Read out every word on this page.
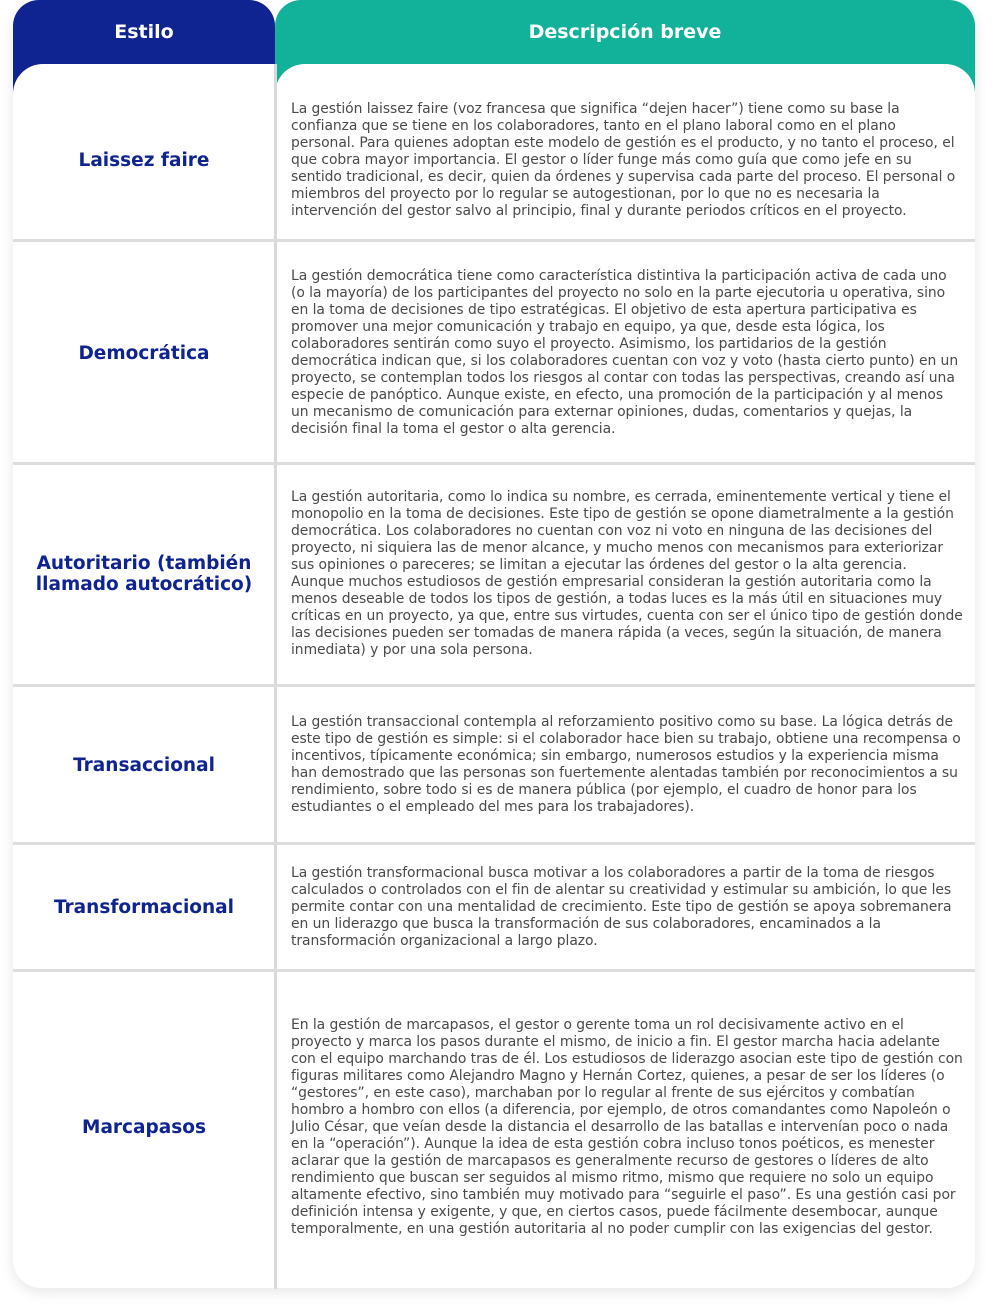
Estilo	Descripción breve
Laissez faire
La gestión laissez faire (voz francesa que significa “dejen hacer”) tiene como su base la confianza que se tiene en los colaboradores, tanto en el plano laboral como en el plano personal. Para quienes adoptan este modelo de gestión es el producto, y no tanto el proceso, el que cobra mayor importancia. El gestor o líder funge más como guía que como jefe en su sentido tradicional, es decir, quien da órdenes y supervisa cada parte del proceso. El personal o miembros del proyecto por lo regular se autogestionan, por lo que no es necesaria la intervención del gestor salvo al principio, final y durante periodos críticos en el proyecto.
Democrática
La gestión democrática tiene como característica distintiva la participación activa de cada uno (o la mayoría) de los participantes del proyecto no solo en la parte ejecutoria u operativa, sino en la toma de decisiones de tipo estratégicas. El objetivo de esta apertura participativa es promover una mejor comunicación y trabajo en equipo, ya que, desde esta lógica, los colaboradores sentirán como suyo el proyecto. Asimismo, los partidarios de la gestión democrática indican que, si los colaboradores cuentan con voz y voto (hasta cierto punto) en un proyecto, se contemplan todos los riesgos al contar con todas las perspectivas, creando así una especie de panóptico. Aunque existe, en efecto, una promoción de la participación y al menos un mecanismo de comunicación para externar opiniones, dudas, comentarios y quejas, la decisión final la toma el gestor o alta gerencia.
Autoritario (también llamado autocrático)
La gestión autoritaria, como lo indica su nombre, es cerrada, eminentemente vertical y tiene el monopolio en la toma de decisiones. Este tipo de gestión se opone diametralmente a la gestión democrática. Los colaboradores no cuentan con voz ni voto en ninguna de las decisiones del proyecto, ni siquiera las de menor alcance, y mucho menos con mecanismos para exteriorizar sus opiniones o pareceres; se limitan a ejecutar las órdenes del gestor o la alta gerencia. Aunque muchos estudiosos de gestión empresarial consideran la gestión autoritaria como la menos deseable de todos los tipos de gestión, a todas luces es la más útil en situaciones muy críticas en un proyecto, ya que, entre sus virtudes, cuenta con ser el único tipo de gestión donde las decisiones pueden ser tomadas de manera rápida (a veces, según la situación, de manera inmediata) y por una sola persona.
Transaccional
La gestión transaccional contempla al reforzamiento positivo como su base. La lógica detrás de este tipo de gestión es simple: si el colaborador hace bien su trabajo, obtiene una recompensa o incentivos, típicamente económica; sin embargo, numerosos estudios y la experiencia misma han demostrado que las personas son fuertemente alentadas también por reconocimientos a su rendimiento, sobre todo si es de manera pública (por ejemplo, el cuadro de honor para los estudiantes o el empleado del mes para los trabajadores).
Transformacional
La gestión transformacional busca motivar a los colaboradores a partir de la toma de riesgos calculados o controlados con el fin de alentar su creatividad y estimular su ambición, lo que les permite contar con una mentalidad de crecimiento. Este tipo de gestión se apoya sobremanera en un liderazgo que busca la transformación de sus colaboradores, encaminados a la transformación organizacional a largo plazo.
Marcapasos
En la gestión de marcapasos, el gestor o gerente toma un rol decisivamente activo en el proyecto y marca los pasos durante el mismo, de inicio a fin. El gestor marcha hacia adelante con el equipo marchando tras de él. Los estudiosos de liderazgo asocian este tipo de gestión con figuras militares como Alejandro Magno y Hernán Cortez, quienes, a pesar de ser los líderes (o “gestores”, en este caso), marchaban por lo regular al frente de sus ejércitos y combatían hombro a hombro con ellos (a diferencia, por ejemplo, de otros comandantes como Napoleón o Julio César, que veían desde la distancia el desarrollo de las batallas e intervenían poco o nada en la “operación”). Aunque la idea de esta gestión cobra incluso tonos poéticos, es menester aclarar que la gestión de marcapasos es generalmente recurso de gestores o líderes de alto rendimiento que buscan ser seguidos al mismo ritmo, mismo que requiere no solo un equipo altamente efectivo, sino también muy motivado para “seguirle el paso”. Es una gestión casi por definición intensa y exigente, y que, en ciertos casos, puede fácilmente desembocar, aunque temporalmente, en una gestión autoritaria al no poder cumplir con las exigencias del gestor.
